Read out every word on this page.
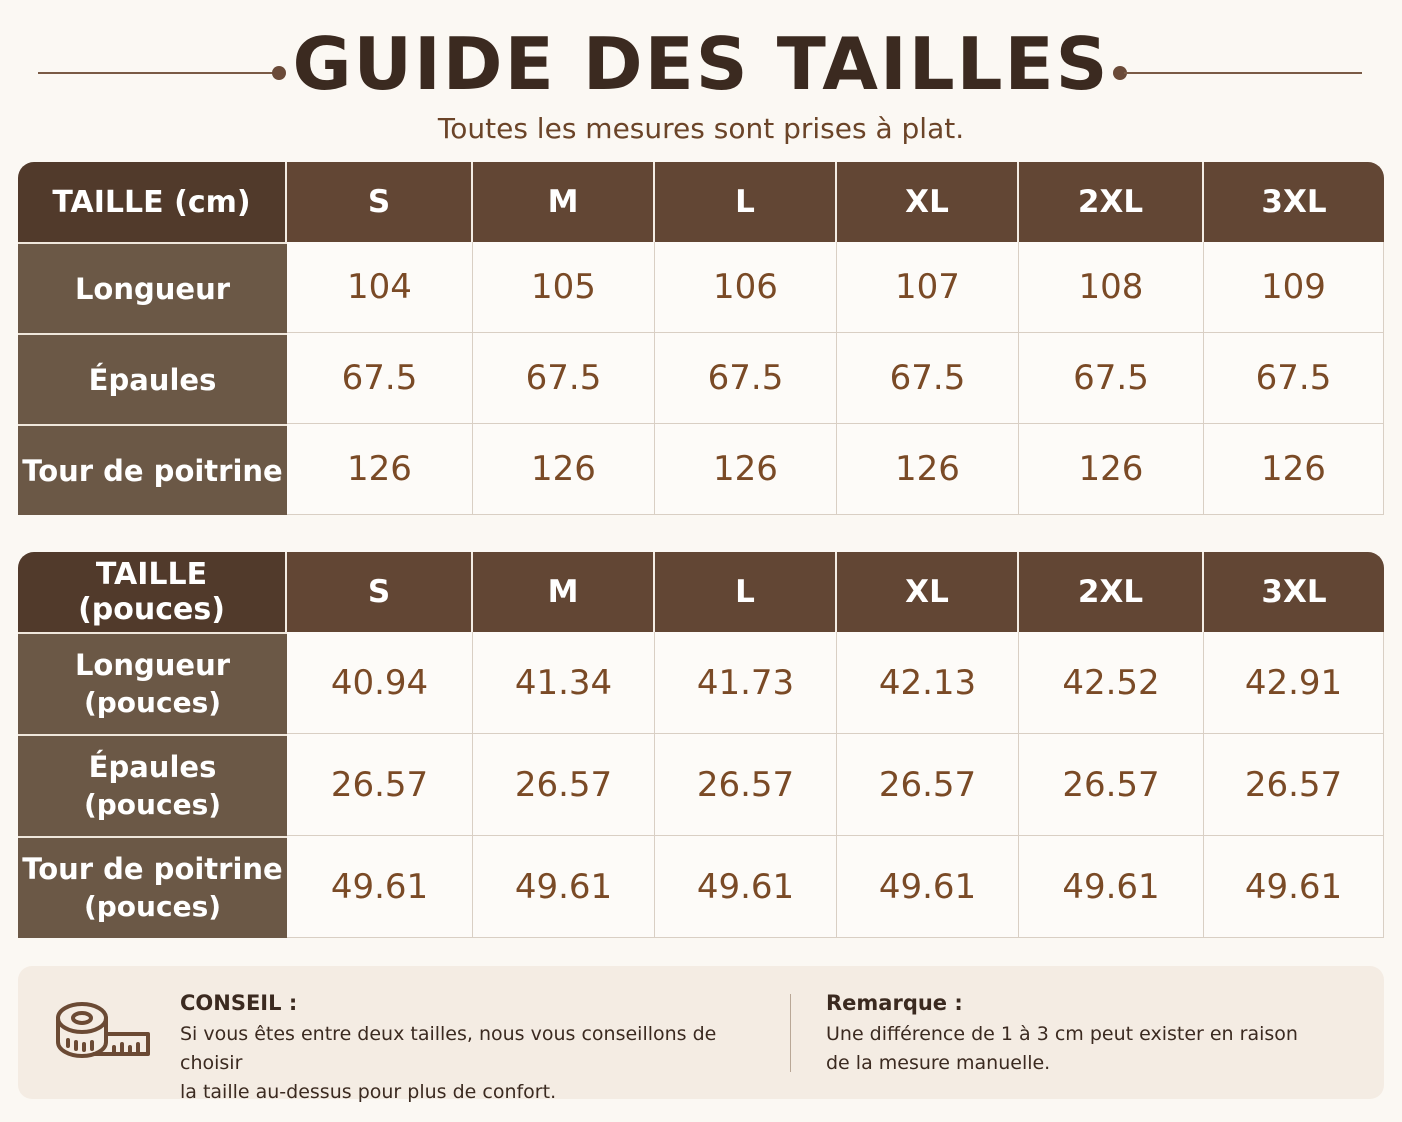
GUIDE DES TAILLES

Toutes les mesures sont prises à plat.

TAILLE (cm)	S	M	L	XL	2XL	3XL
Longueur	104	105	106	107	108	109
Épaules	67.5	67.5	67.5	67.5	67.5	67.5
Tour de poitrine	126	126	126	126	126	126
TAILLE (pouces)	S	M	L	XL	2XL	3XL
Longueur
(pouces)	40.94	41.34	41.73	42.13	42.52	42.91
Épaules
(pouces)	26.57	26.57	26.57	26.57	26.57	26.57
Tour de poitrine
(pouces)	49.61	49.61	49.61	49.61	49.61	49.61
CONSEIL :
Si vous êtes entre deux tailles, nous vous conseillons de choisir
la taille au-dessus pour plus de confort.
Remarque :
Une différence de 1 à 3 cm peut exister en raison
de la mesure manuelle.
